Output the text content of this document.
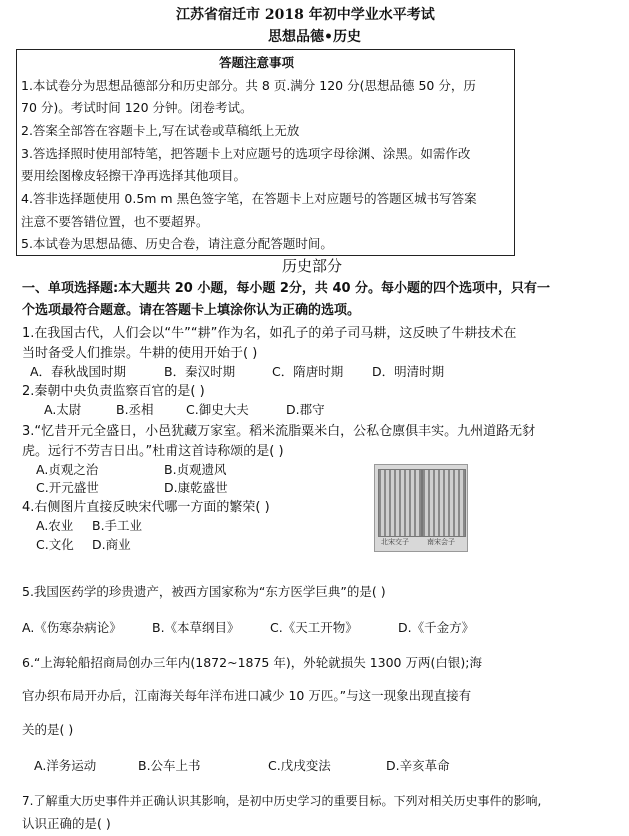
江苏省宿迁市 2018 年初中学业水平考试
思想品德•历史
答题注意事项
1.本试卷分为思想品德部分和历史部分。共 8 页.满分 120 分(思想品德 50 分，历
70 分)。考试时间 120 分钟。闭卷考试。
2.答案全部答在容题卡上,写在试卷或草稿纸上无放
3.答选择照时使用部特笔，把答题卡上对应题号的选项字母徐渊、涂黑。如需作改
要用绘图橡皮轻擦干净再选择其他项目。
4.答非选择题使用 0.5m m 黑色签字笔，在答题卡上对应题号的答题区城书写答案
注意不要答错位置，也不要超界。
5.本试卷为思想品德、历史合卷，请注意分配答题时间。
历史部分
一、单项选择题:本大题共 20 小题，每小题 2分，共 40 分。每小题的四个选项中，只有一
个选项最符合题意。请在答题卡上填涂你认为正确的选项。
1.在我国古代，人们会以“牛”“耕”作为名，如孔子的弟子司马耕，这反映了牛耕技术在
当时备受人们推崇。牛耕的使用开始于( )
A．春秋战国时期	B．秦汉时期	C．隋唐时期 D．明清时期
2.秦朝中央负责监察百官的是( )
A.太尉	B.丞相	C.御史大夫	D.郡守
3.“忆昔开元全盛日，小邑犹藏万家室。稻米流脂粟米白，公私仓廪俱丰实。九州道路无豺
虎。远行不劳吉日出。”杜甫这首诗称颂的是( )
A.贞观之治	B.贞观遗风
C.开元盛世	D.康乾盛世
4.右侧图片直接反映宋代哪一方面的繁荣( )
A.农业 B.手工业
C.文化 D.商业	北宋交子	南宋会子
5.我国医药学的珍贵遗产，被西方国家称为“东方医学巨典”的是( )
A.《伤寒杂病论》 B.《本草纲目》 C.《天工开物》	D.《千金方》
6.“上海轮船招商局创办三年内(1872~1875 年)，外轮就损失 1300 万两(白银);海
官办织布局开办后，江南海关每年洋布进口减少 10 万匹。”与这一现象出现直接有
关的是( )
A.洋务运动	B.公车上书	C.戊戌变法	D.辛亥革命
7.了解重大历史事件并正确认识其影响，是初中历史学习的重要目标。下列对相关历史事件的影响,
认识正确的是( )
